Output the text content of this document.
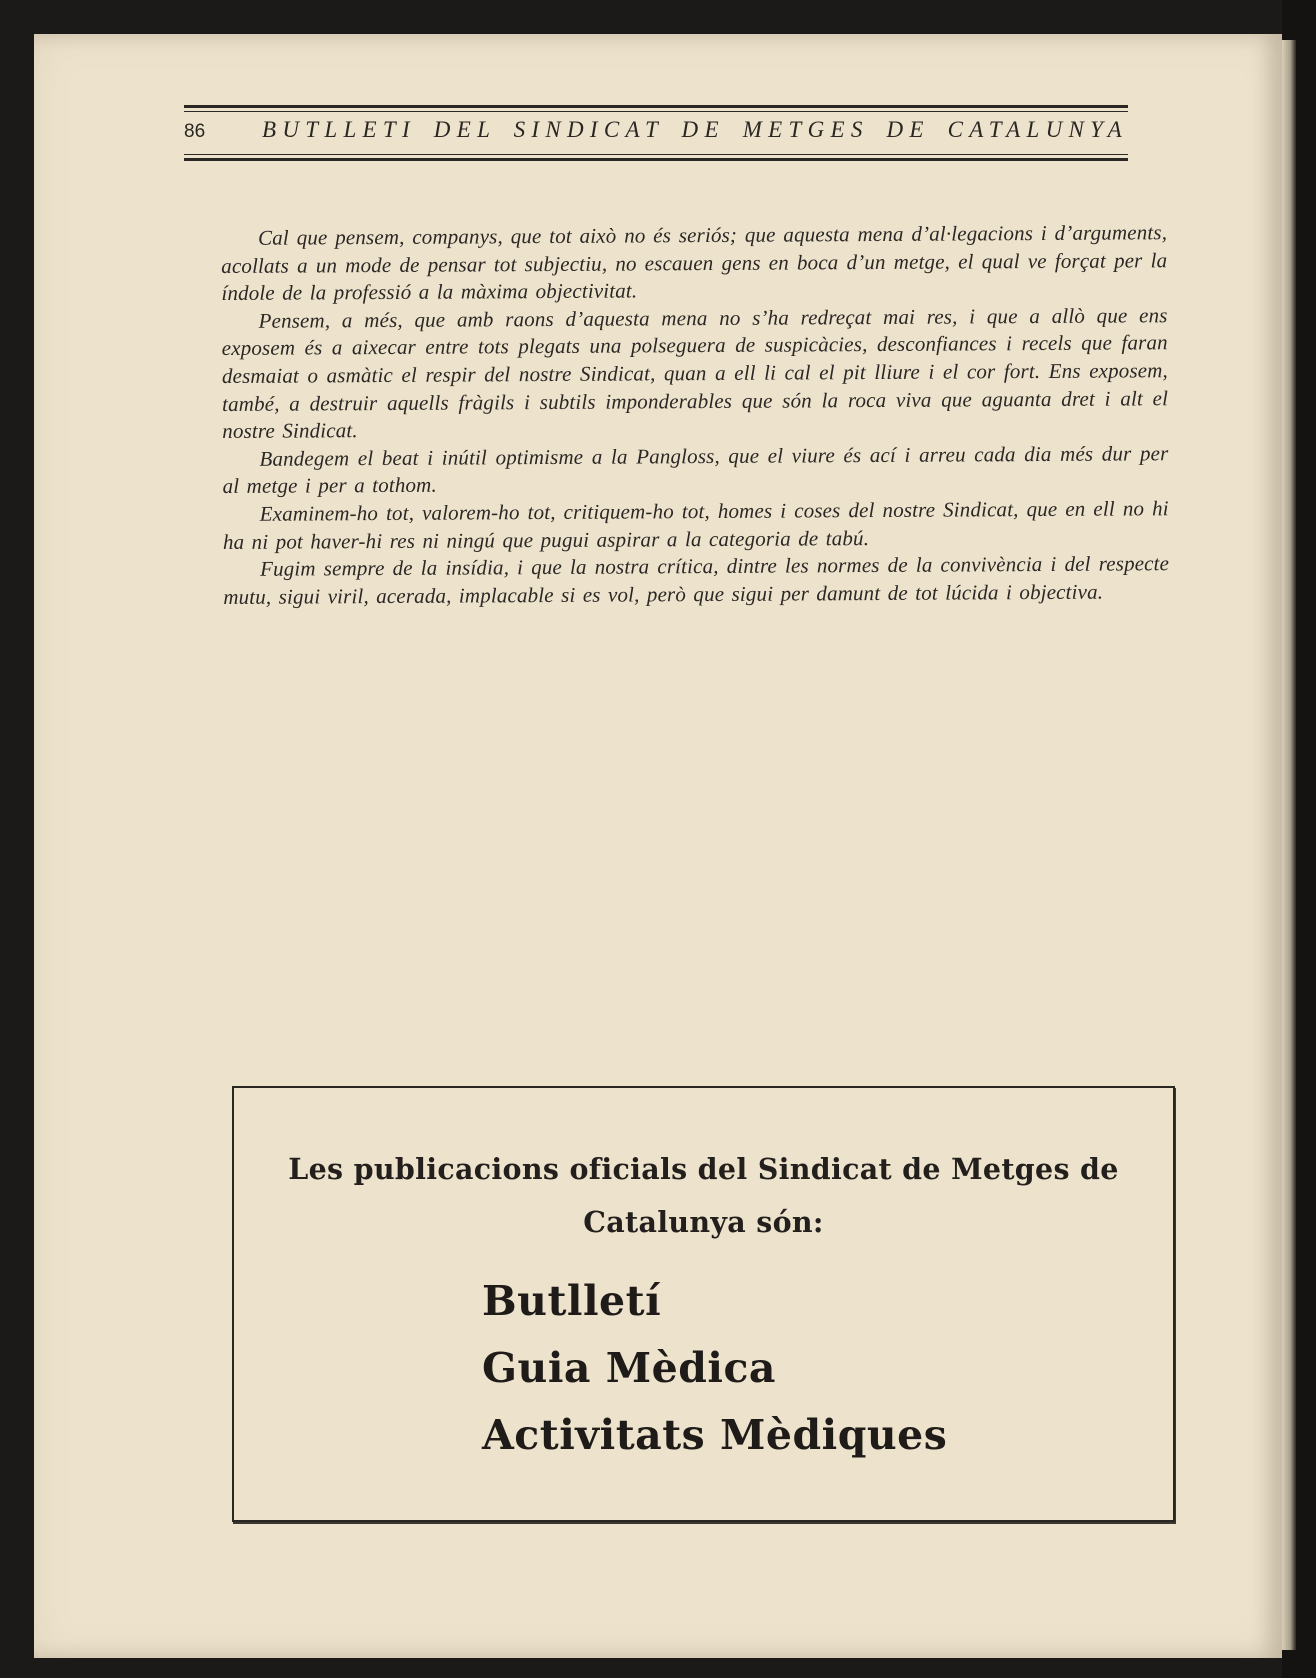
86 BUTLLETI DEL SINDICAT DE METGES DE CATALUNYA

Cal que pensem, companys, que tot això no és seriós; que aquesta mena d’al·legacions i d’arguments, acollats a un mode de pensar tot subjectiu, no escauen gens en boca d’un metge, el qual ve forçat per la índole de la professió a la màxima objectivitat.

Pensem, a més, que amb raons d’aquesta mena no s’ha redreçat mai res, i que a allò que ens exposem és a aixecar entre tots plegats una polseguera de suspicàcies, desconfiances i recels que faran desmaiat o asmàtic el respir del nostre Sindicat, quan a ell li cal el pit lliure i el cor fort. Ens exposem, també, a destruir aquells fràgils i subtils imponderables que són la roca viva que aguanta dret i alt el nostre Sindicat.

Bandegem el beat i inútil optimisme a la Pangloss, que el viure és ací i arreu cada dia més dur per al metge i per a tothom.

Examinem-ho tot, valorem-ho tot, critiquem-ho tot, homes i coses del nostre Sindicat, que en ell no hi ha ni pot haver-hi res ni ningú que pugui aspirar a la categoria de tabú.

Fugim sempre de la insídia, i que la nostra crítica, dintre les normes de la convivència i del respecte mutu, sigui viril, acerada, implacable si es vol, però que sigui per damunt de tot lúcida i objectiva.

Les publicacions oficials del Sindicat de Metges de Catalunya són:
Butlletí
Guia Mèdica
Activitats Mèdiques
